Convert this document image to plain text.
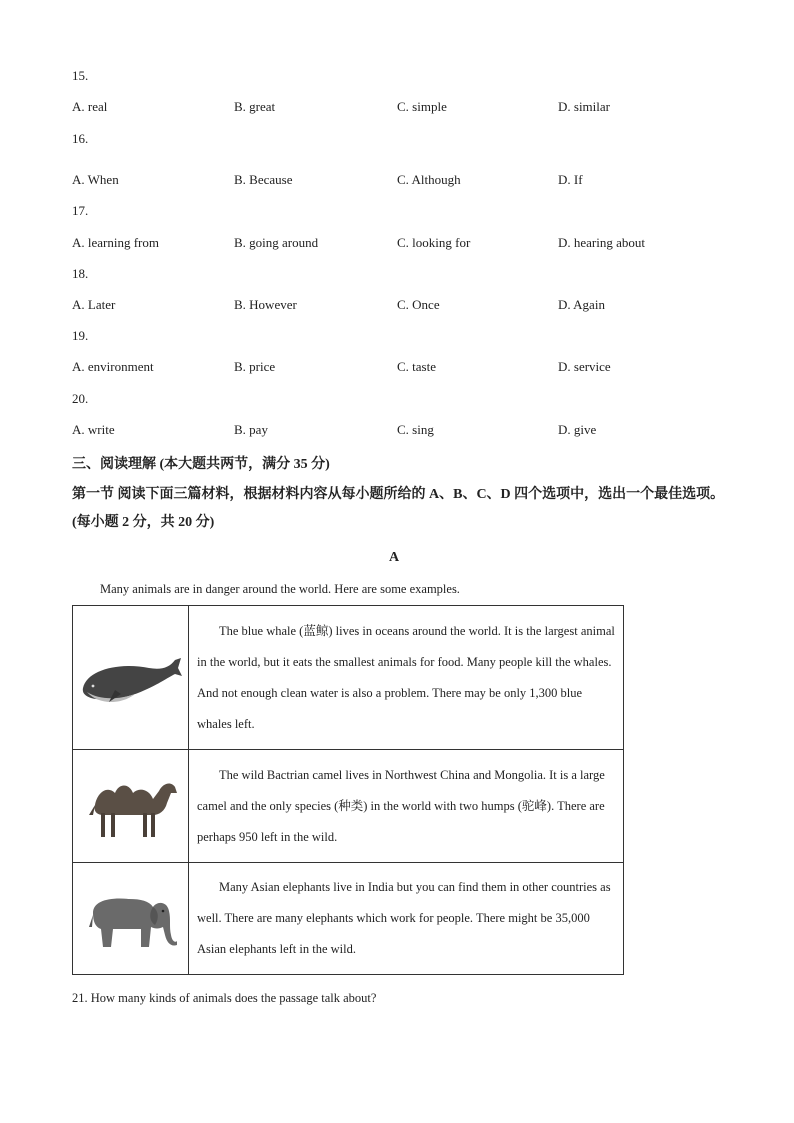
15.
A. real	B. great	C. simple	D. similar
16.
A. When	B. Because	C. Although	D. If
17.
A. learning from	B. going around	C. looking for	D. hearing about
18.
A. Later	B. However	C. Once	D. Again
19.
A. environment	B. price	C. taste	D. service
20.
A. write	B. pay	C. sing	D. give
三、阅读理解 (本大题共两节，满分 35 分)
第一节 阅读下面三篇材料，根据材料内容从每小题所给的 A、B、C、D 四个选项中，选出一个最佳选项。(每小题 2 分，共 20 分)
A
Many animals are in danger around the world. Here are some examples.

The blue whale (蓝鲸) lives in oceans around the world. It is the largest animal in the world, but it eats the smallest animals for food. Many people kill the whales. And not enough clean water is also a problem. There may be only 1,300 blue whales left.

The wild Bactrian camel lives in Northwest China and Mongolia. It is a large camel and the only species (种类) in the world with two humps (驼峰). There are perhaps 950 left in the wild.

Many Asian elephants live in India but you can find them in other countries as well. There are many elephants which work for people. There might be 35,000 Asian elephants left in the wild.

21. How many kinds of animals does the passage talk about?
